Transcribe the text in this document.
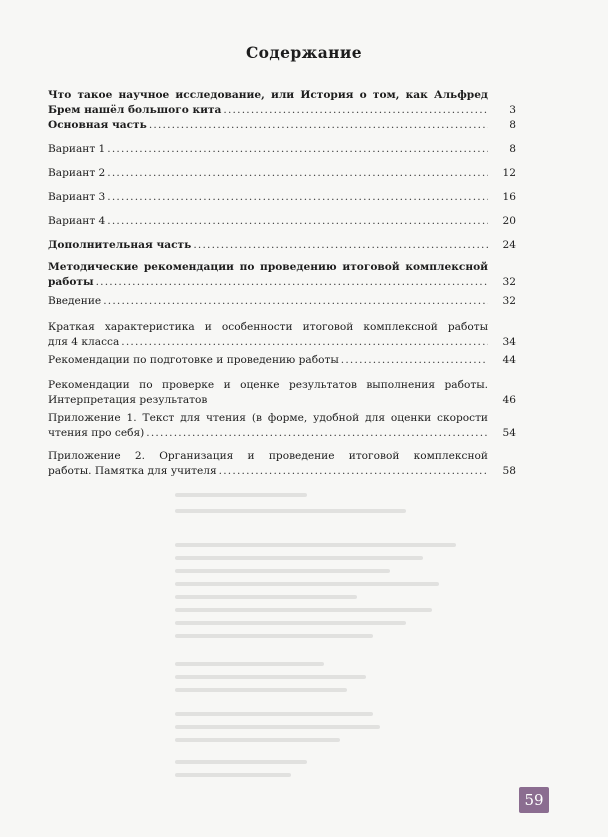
Содержание
Что такое научное исследование, или История о том, как Альфред
Брем нашёл большого кита .....	3
Основная часть .....	8
Вариант 1 .....	8
Вариант 2 .....	12
Вариант 3 .....	16
Вариант 4 .....	20
Дополнительная часть .....	24
Методические рекомендации по проведению итоговой комплексной
работы .....	32
Введение .....	32
Краткая характеристика и особенности итоговой комплексной работы
для 4 класса .....	34
Рекомендации по подготовке и проведению работы .....	44
Рекомендации по проверке и оценке результатов выполнения работы.
Интерпретация результатов	46
Приложение 1. Текст для чтения (в форме, удобной для оценки скорости
чтения про себя) .....	54
Приложение 2. Организация и проведение итоговой комплексной
работы. Памятка для учителя .....	58
59
